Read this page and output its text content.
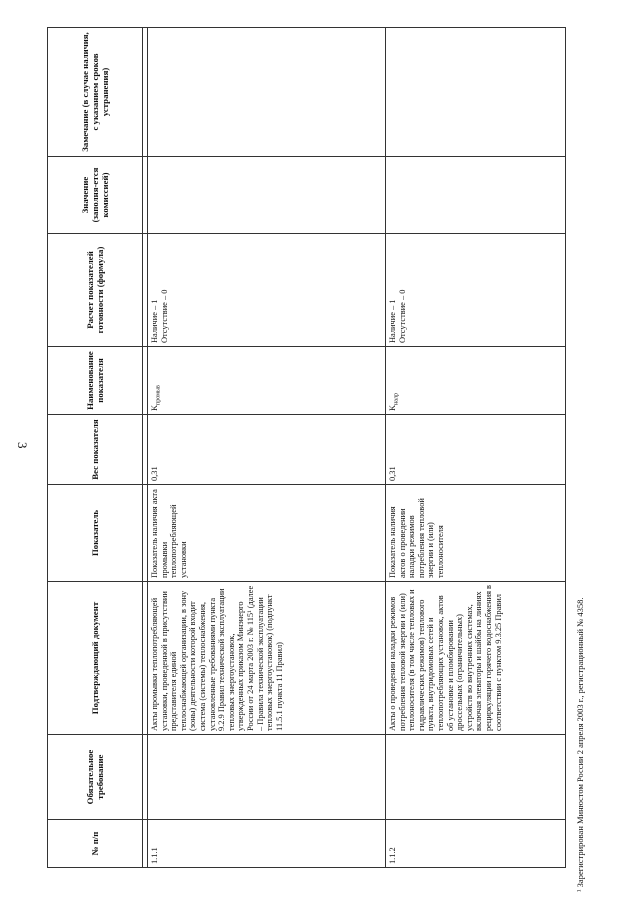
3
№ п/п	Обязательное требование	Подтверждающий документ	Показатель	Вес показателя	Наименование показателя	Расчет показателей готовности (формула)	Значение (заполня-ется комиссией)	Замечание (в случае наличия, с указанием сроков устранения)

1.1.1		Акты промывки теплопотребляющей установки, проведенной в присутствии представителя единой теплоснабжающей организации, в зону (зоны) деятельности которой входит система (системы) теплоснабжения, установленные требованиями пункта 9.2.9 Правил технической эксплуатации тепловых энергоустановок, утвержденных приказом Минэнерго России от 24 марта 2003 г. № 115¹ (далее – Правила технической эксплуатации тепловых энергоустановок) (подпункт 11.5.1 пункта 11 Правил)	Показатель наличия акта промывки теплопотребляющей установки	0,31	$K_{промыв}$	Наличие – 1 Отсутствие – 0		

1.1.2		Акты о проведении наладки режимов потребления тепловой энергии и (или) теплоносителя (в том числе тепловых и гидравлических режимов) теплового пункта, внутридомовых сетей и теплопотребляющих установок, актов об установке и пломбировании дроссельных (ограничительных) устройств во внутренних системах, включая элеваторы и шайбы на линиях рециркуляции горячего водоснабжения в соответствии с пунктом 9.3.25 Правил	Показатель наличия актов о проведении наладки режимов потребления тепловой энергии и (или) теплоносителя	0,31	$K_{налр}$	Наличие – 1 Отсутствие – 0		

¹ Зарегистрирован Минюстом России 2 апреля 2003 г., регистрационный № 4358.
